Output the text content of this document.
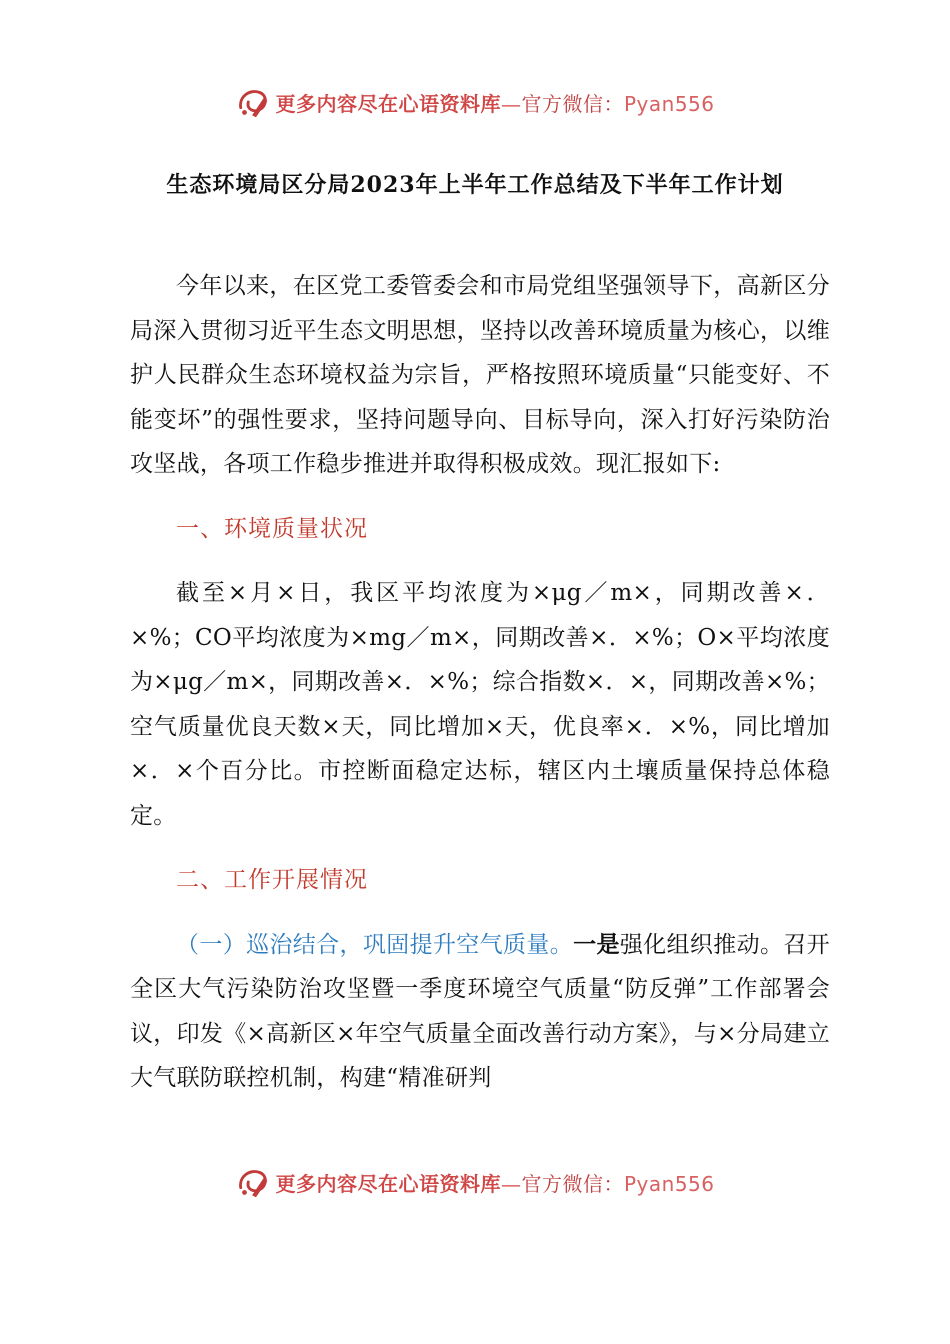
更多内容尽在心语资料库—官方微信：Pyan556
生态环境局区分局2023年上半年工作总结及下半年工作计划

今年以来，在区党工委管委会和市局党组坚强领导下，高新区分局深入贯彻习近平生态文明思想，坚持以改善环境质量为核心，以维护人民群众生态环境权益为宗旨，严格按照环境质量“只能变好、不能变坏”的强性要求，坚持问题导向、目标导向，深入打好污染防治攻坚战，各项工作稳步推进并取得积极成效。现汇报如下:

一、环境质量状况

截至×月×日，我区平均浓度为×μg／m×，同期改善×．×%；CO平均浓度为×mg／m×，同期改善×．×%；O×平均浓度为×μg／m×，同期改善×．×%；综合指数×．×，同期改善×%；空气质量优良天数×天，同比增加×天，优良率×．×%，同比增加×．×个百分比。市控断面稳定达标，辖区内土壤质量保持总体稳定。

二、工作开展情况

（一）巡治结合，巩固提升空气质量。一是强化组织推动。召开全区大气污染防治攻坚暨一季度环境空气质量“防反弹”工作部署会议，印发《×高新区×年空气质量全面改善行动方案》，与×分局建立大气联防联控机制，构建“精准研判

更多内容尽在心语资料库—官方微信：Pyan556
